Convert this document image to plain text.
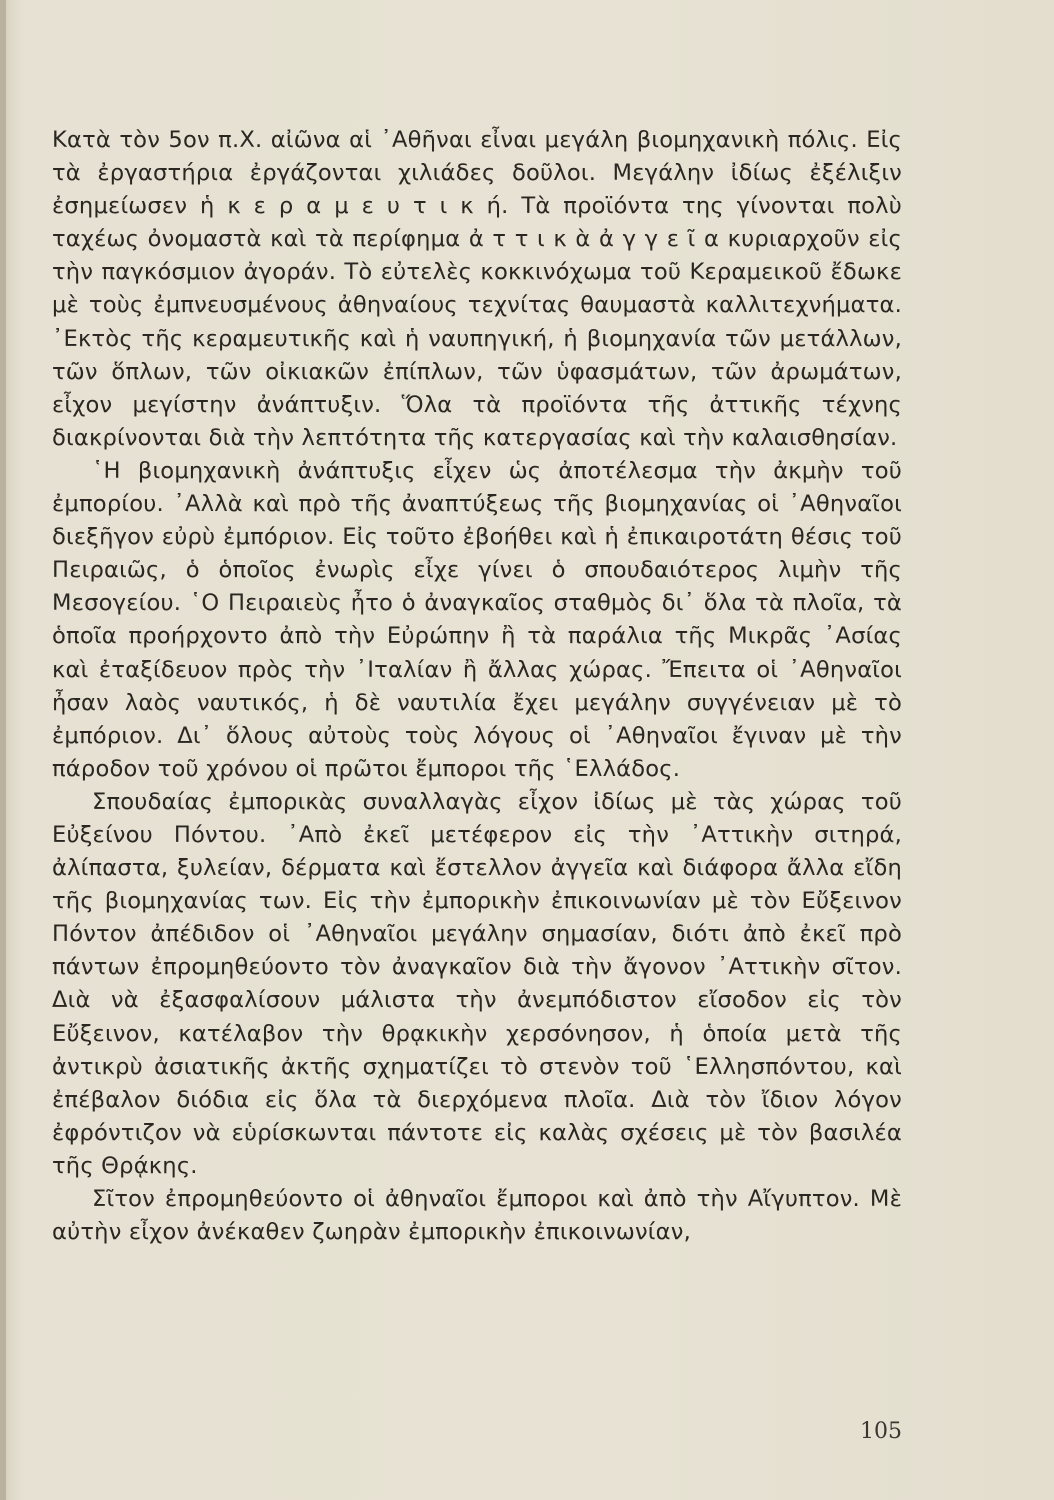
Κατὰ τὸν 5ον π.Χ. αἰῶνα αἱ ᾿Αθῆναι εἶναι μεγάλη βιομηχανικὴ πόλις. Εἰς τὰ ἐργαστήρια ἐργάζονται χιλιάδες δοῦλοι. Μεγάλην ἰδίως ἐξέλιξιν ἐσημείωσεν ἡ κ ε ρ α μ ε υ τ ι κ ή. Τὰ προϊόντα της γίνονται πολὺ ταχέως ὀνομαστὰ καὶ τὰ περίφημα ἀ τ τ ι κ ὰ ἀ γ γ ε ῖ α κυριαρχοῦν εἰς τὴν παγκόσμιον ἀγοράν. Τὸ εὐτελὲς κοκκινόχωμα τοῦ Κεραμεικοῦ ἔδωκε μὲ τοὺς ἐμπνευσμένους ἀθηναίους τεχνίτας θαυμαστὰ καλλιτεχνήματα. ᾿Εκτὸς τῆς κεραμευτικῆς καὶ ἡ ναυπηγική, ἡ βιομηχανία τῶν μετάλλων, τῶν ὅπλων, τῶν οἰκιακῶν ἐπίπλων, τῶν ὑφασμάτων, τῶν ἀρωμάτων, εἶχον μεγίστην ἀνάπτυξιν. Ὅλα τὰ προϊόντα τῆς ἀττικῆς τέχνης διακρίνονται διὰ τὴν λεπτότητα τῆς κατεργασίας καὶ τὴν καλαισθησίαν.

῾Η βιομηχανικὴ ἀνάπτυξις εἶχεν ὡς ἀποτέλεσμα τὴν ἀκμὴν τοῦ ἐμπορίου. ᾿Αλλὰ καὶ πρὸ τῆς ἀναπτύξεως τῆς βιομηχανίας οἱ ᾿Αθηναῖοι διεξῆγον εὐρὺ ἐμπόριον. Εἰς τοῦτο ἐβοήθει καὶ ἡ ἐπικαιροτάτη θέσις τοῦ Πειραιῶς, ὁ ὁποῖος ἐνωρὶς εἶχε γίνει ὁ σπουδαιότερος λιμὴν τῆς Μεσογείου. ῾Ο Πειραιεὺς ἦτο ὁ ἀναγκαῖος σταθμὸς δι᾿ ὅλα τὰ πλοῖα, τὰ ὁποῖα προήρχοντο ἀπὸ τὴν Εὐρώπην ἢ τὰ παράλια τῆς Μικρᾶς ᾿Ασίας καὶ ἐταξίδευον πρὸς τὴν ᾿Ιταλίαν ἢ ἄλλας χώρας. Ἔπειτα οἱ ᾿Αθηναῖοι ἦσαν λαὸς ναυτικός, ἡ δὲ ναυτιλία ἔχει μεγάλην συγγένειαν μὲ τὸ ἐμπόριον. Δι᾿ ὅλους αὐτοὺς τοὺς λόγους οἱ ᾿Αθηναῖοι ἔγιναν μὲ τὴν πάροδον τοῦ χρόνου οἱ πρῶτοι ἔμποροι τῆς ῾Ελλάδος.

Σπουδαίας ἐμπορικὰς συναλλαγὰς εἶχον ἰδίως μὲ τὰς χώρας τοῦ Εὐξείνου Πόντου. ᾿Απὸ ἐκεῖ μετέφερον εἰς τὴν ᾿Αττικὴν σιτηρά, ἀλίπαστα, ξυλείαν, δέρματα καὶ ἔστελλον ἀγγεῖα καὶ διάφορα ἄλλα εἴδη τῆς βιομηχανίας των. Εἰς τὴν ἐμπορικὴν ἐπικοινωνίαν μὲ τὸν Εὔξεινον Πόντον ἀπέδιδον οἱ ᾿Αθηναῖοι μεγάλην σημασίαν, διότι ἀπὸ ἐκεῖ πρὸ πάντων ἐπρομηθεύοντο τὸν ἀναγκαῖον διὰ τὴν ἄγονον ᾿Αττικὴν σῖτον. Διὰ νὰ ἐξασφαλίσουν μάλιστα τὴν ἀνεμπόδιστον εἴσοδον εἰς τὸν Εὔξεινον, κατέλαβον τὴν θρᾳκικὴν χερσόνησον, ἡ ὁποία μετὰ τῆς ἀντικρὺ ἀσιατικῆς ἀκτῆς σχηματίζει τὸ στενὸν τοῦ ῾Ελλησπόντου, καὶ ἐπέβαλον διόδια εἰς ὅλα τὰ διερχόμενα πλοῖα. Διὰ τὸν ἴδιον λόγον ἐφρόντιζον νὰ εὑρίσκωνται πάντοτε εἰς καλὰς σχέσεις μὲ τὸν βασιλέα τῆς Θρᾴκης.

Σῖτον ἐπρομηθεύοντο οἱ ἀθηναῖοι ἔμποροι καὶ ἀπὸ τὴν Αἴγυπτον. Μὲ αὐτὴν εἶχον ἀνέκαθεν ζωηρὰν ἐμπορικὴν ἐπικοινωνίαν,

105
